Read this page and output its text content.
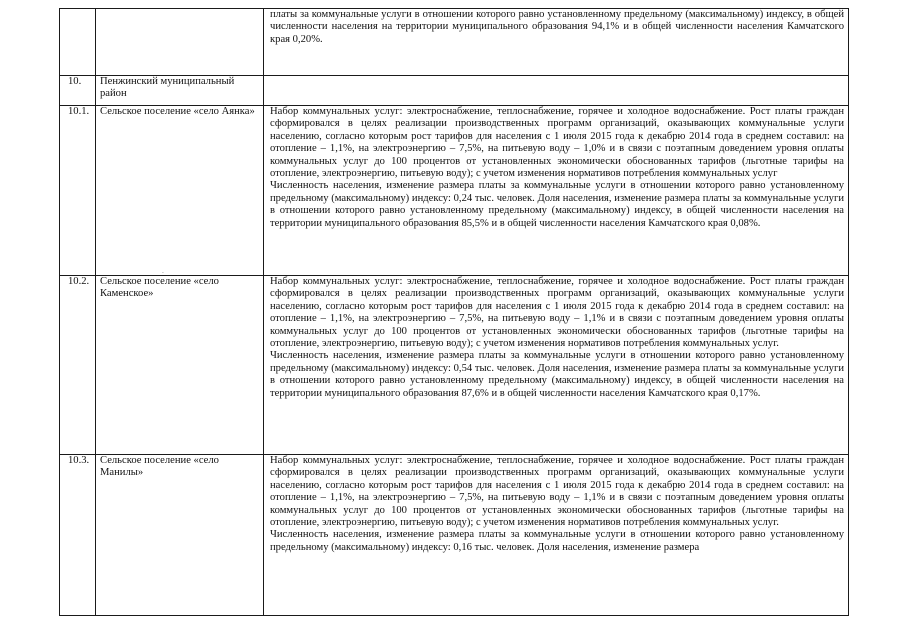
		платы за коммунальные услуги в отношении которого равно установленному предельному (максимальному) индексу, в общей численности населения на территории муниципального образования 94,1% и в общей численности населения Камчатского края 0,20%.
10.	Пенжинский муниципальный район	
10.1.	Сельское поселение «село Аянка»	Набор коммунальных услуг: электроснабжение, теплоснабжение, горячее и холодное водоснабжение. Рост платы граждан сформировался в целях реализации производственных программ организаций, оказывающих коммунальные услуги населению, согласно которым рост тарифов для населения с 1 июля 2015 года к декабрю 2014 года в среднем составил: на отопление – 1,1%, на электроэнергию – 7,5%, на питьевую воду – 1,0% и в связи с поэтапным доведением уровня оплаты коммунальных услуг до 100 процентов от установленных экономически обоснованных тарифов (льготные тарифы на отопление, электроэнергию, питьевую воду); с учетом изменения нормативов потребления коммунальных услуг
Численность населения, изменение размера платы за коммунальные услуги в отношении которого равно установленному предельному (максимальному) индексу: 0,24 тыс. человек. Доля населения, изменение размера платы за коммунальные услуги в отношении которого равно установленному предельному (максимальному) индексу, в общей численности населения на территории муниципального образования 85,5% и в общей численности населения Камчатского края 0,08%.

10.2.	Сельское поселение «село Каменское»	Набор коммунальных услуг: электроснабжение, теплоснабжение, горячее и холодное водоснабжение. Рост платы граждан сформировался в целях реализации производственных программ организаций, оказывающих коммунальные услуги населению, согласно которым рост тарифов для населения с 1 июля 2015 года к декабрю 2014 года в среднем составил: на отопление – 1,1%, на электроэнергию – 7,5%, на питьевую воду – 1,1% и в связи с поэтапным доведением уровня оплаты коммунальных услуг до 100 процентов от установленных экономически обоснованных тарифов (льготные тарифы на отопление, электроэнергию, питьевую воду); с учетом изменения нормативов потребления коммунальных услуг.
Численность населения, изменение размера платы за коммунальные услуги в отношении которого равно установленному предельному (максимальному) индексу: 0,54 тыс. человек. Доля населения, изменение размера платы за коммунальные услуги в отношении которого равно установленному предельному (максимальному) индексу, в общей численности населения на территории муниципального образования 87,6% и в общей численности населения Камчатского края 0,17%.

10.3.	Сельское поселение «село Манилы»	Набор коммунальных услуг: электроснабжение, теплоснабжение, горячее и холодное водоснабжение. Рост платы граждан сформировался в целях реализации производственных программ организаций, оказывающих коммунальные услуги населению, согласно которым рост тарифов для населения с 1 июля 2015 года к декабрю 2014 года в среднем составил: на отопление – 1,1%, на электроэнергию – 7,5%, на питьевую воду – 1,1% и в связи с поэтапным доведением уровня оплаты коммунальных услуг до 100 процентов от установленных экономически обоснованных тарифов (льготные тарифы на отопление, электроэнергию, питьевую воду); с учетом изменения нормативов потребления коммунальных услуг.
Численность населения, изменение размера платы за коммунальные услуги в отношении которого равно установленному предельному (максимальному) индексу: 0,16 тыс. человек. Доля населения, изменение размера
·
